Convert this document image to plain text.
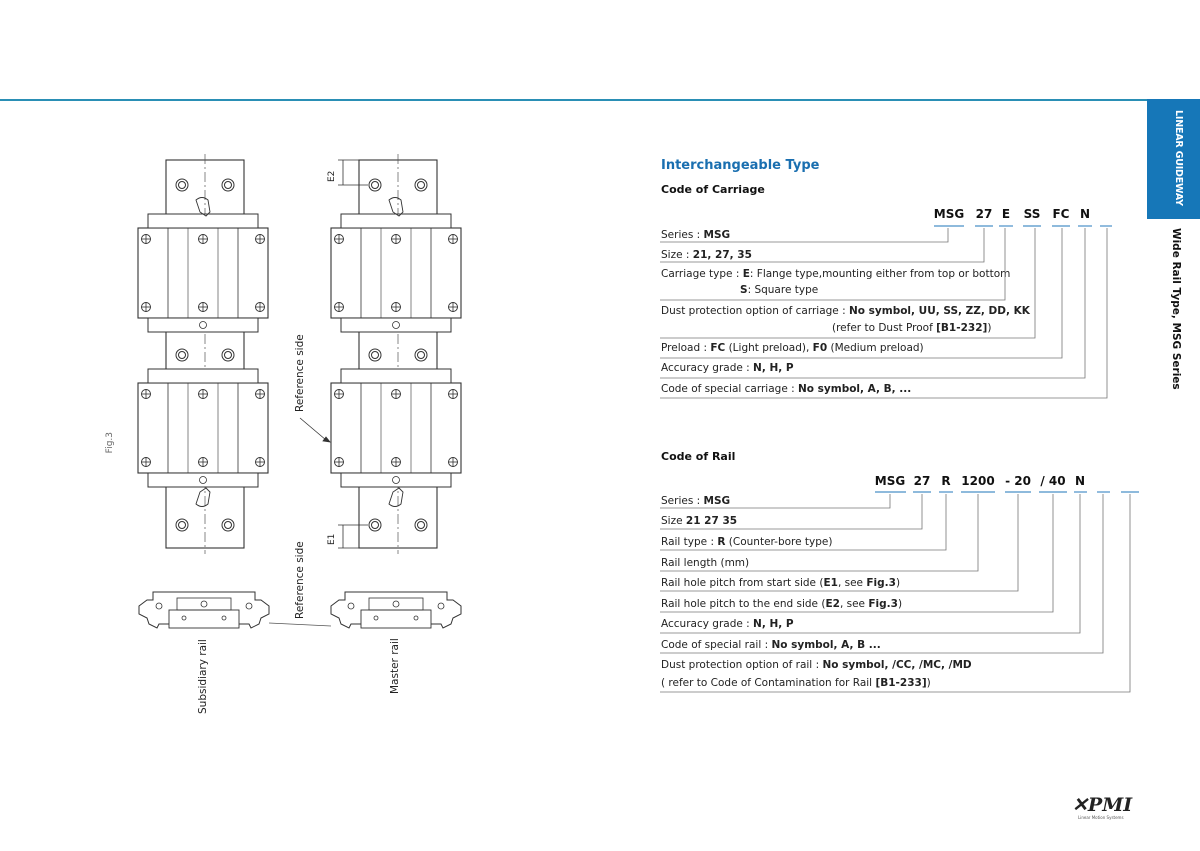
LINEAR GUIDEWAY
Wide Rail Type, MSG Series
Interchangeable Type
Code of Carriage
MSG 27 E SS FC N
Series : MSG
Size : 21, 27, 35
Carriage type : E: Flange type,mounting either from top or bottom
S: Square type
Dust protection option of carriage : No symbol, UU, SS, ZZ, DD, KK
(refer to Dust Proof [B1-232])
Preload : FC (Light preload), F0 (Medium preload)
Accuracy grade : N, H, P
Code of special carriage : No symbol, A, B, ...
Code of Rail
MSG 27 R 1200 - 20 / 40 N
Series : MSG
Size 21 27 35
Rail type : R (Counter-bore type)
Rail length (mm)
Rail hole pitch from start side (E1, see Fig.3)
Rail hole pitch to the end side (E2, see Fig.3)
Accuracy grade : N, H, P
Code of special rail : No symbol, A, B ...
Dust protection option of rail : No symbol, /CC, /MC, /MD
( refer to Code of Contamination for Rail [B1-233])
Fig.3
Reference side
Reference side
Subsidiary rail	Master rail
E2
E1
✕PMI
Linear Motion Systems
